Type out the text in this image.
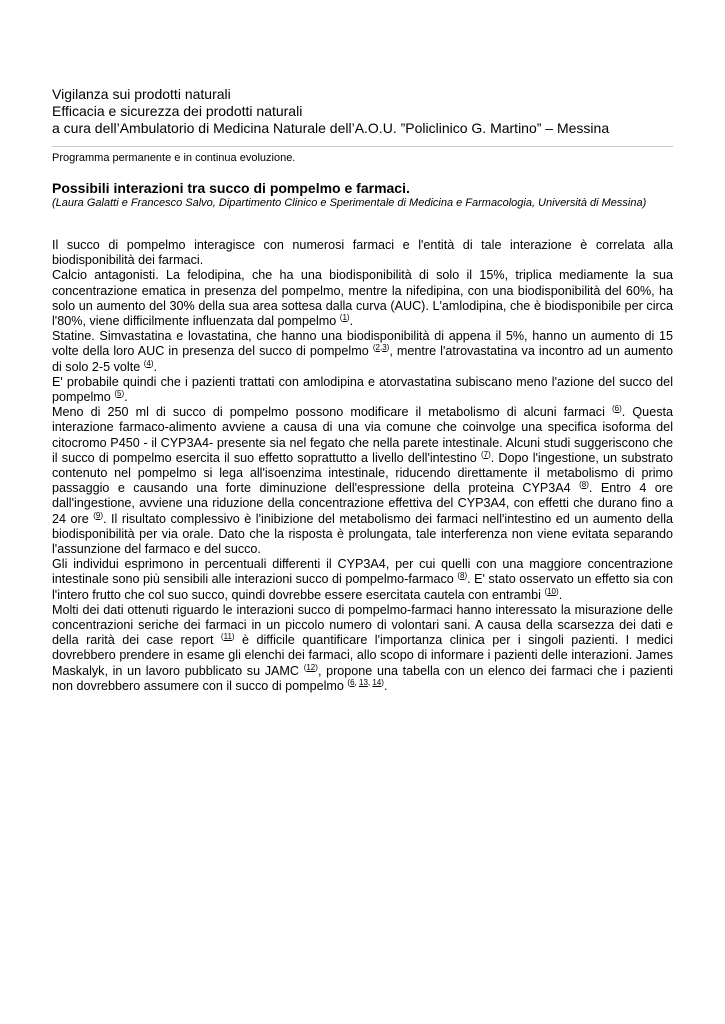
Vigilanza sui prodotti naturali
Efficacia e sicurezza dei prodotti naturali
a cura dell’Ambulatorio di Medicina Naturale dell’A.O.U. ”Policlinico G. Martino” – Messina
Programma permanente e in continua evoluzione.
Possibili interazioni tra succo di pompelmo e farmaci.
(Laura Galatti e Francesco Salvo, Dipartimento Clinico e Sperimentale di Medicina e Farmacologia, Università di Messina)

Il succo di pompelmo interagisce con numerosi farmaci e l'entità di tale interazione è correlata alla biodisponibilità dei farmaci.

Calcio antagonisti. La felodipina, che ha una biodisponibilità di solo il 15%, triplica mediamente la sua concentrazione ematica in presenza del pompelmo, mentre la nifedipina, con una biodisponibilità del 60%, ha solo un aumento del 30% della sua area sottesa dalla curva (AUC). L'amlodipina, che è biodisponibile per circa l'80%, viene difficilmente influenzata dal pompelmo $^{(1)}$.

Statine. Simvastatina e lovastatina, che hanno una biodisponibilità di appena il 5%, hanno un aumento di 15 volte della loro AUC in presenza del succo di pompelmo $^{(2,3)}$, mentre l'atrovastatina va incontro ad un aumento di solo 2-5 volte $^{(4)}$.

E' probabile quindi che i pazienti trattati con amlodipina e atorvastatina subiscano meno l'azione del succo del pompelmo $^{(5)}$.

Meno di 250 ml di succo di pompelmo possono modificare il metabolismo di alcuni farmaci $^{(6)}$. Questa interazione farmaco-alimento avviene a causa di una via comune che coinvolge una specifica isoforma del citocromo P450 - il CYP3A4- presente sia nel fegato che nella parete intestinale. Alcuni studi suggeriscono che il succo di pompelmo esercita il suo effetto soprattutto a livello dell'intestino $^{(7)}$. Dopo l'ingestione, un substrato contenuto nel pompelmo si lega all'isoenzima intestinale, riducendo direttamente il metabolismo di primo passaggio e causando una forte diminuzione dell'espressione della proteina CYP3A4 $^{(8)}$. Entro 4 ore dall'ingestione, avviene una riduzione della concentrazione effettiva del CYP3A4, con effetti che durano fino a 24 ore $^{(9)}$. Il risultato complessivo è l'inibizione del metabolismo dei farmaci nell'intestino ed un aumento della biodisponibilità per via orale. Dato che la risposta è prolungata, tale interferenza non viene evitata separando l'assunzione del farmaco e del succo.

Gli individui esprimono in percentuali differenti il CYP3A4, per cui quelli con una maggiore concentrazione intestinale sono più sensibili alle interazioni succo di pompelmo-farmaco $^{(8)}$. E' stato osservato un effetto sia con l'intero frutto che col suo succo, quindi dovrebbe essere esercitata cautela con entrambi $^{(10)}$.

Molti dei dati ottenuti riguardo le interazioni succo di pompelmo-farmaci hanno interessato la misurazione delle concentrazioni seriche dei farmaci in un piccolo numero di volontari sani. A causa della scarsezza dei dati e della rarità dei case report $^{(11)}$ è difficile quantificare l'importanza clinica per i singoli pazienti. I medici dovrebbero prendere in esame gli elenchi dei farmaci, allo scopo di informare i pazienti delle interazioni. James Maskalyk, in un lavoro pubblicato su JAMC $^{(12)}$, propone una tabella con un elenco dei farmaci che i pazienti non dovrebbero assumere con il succo di pompelmo $^{(6, 13, 14)}$.
